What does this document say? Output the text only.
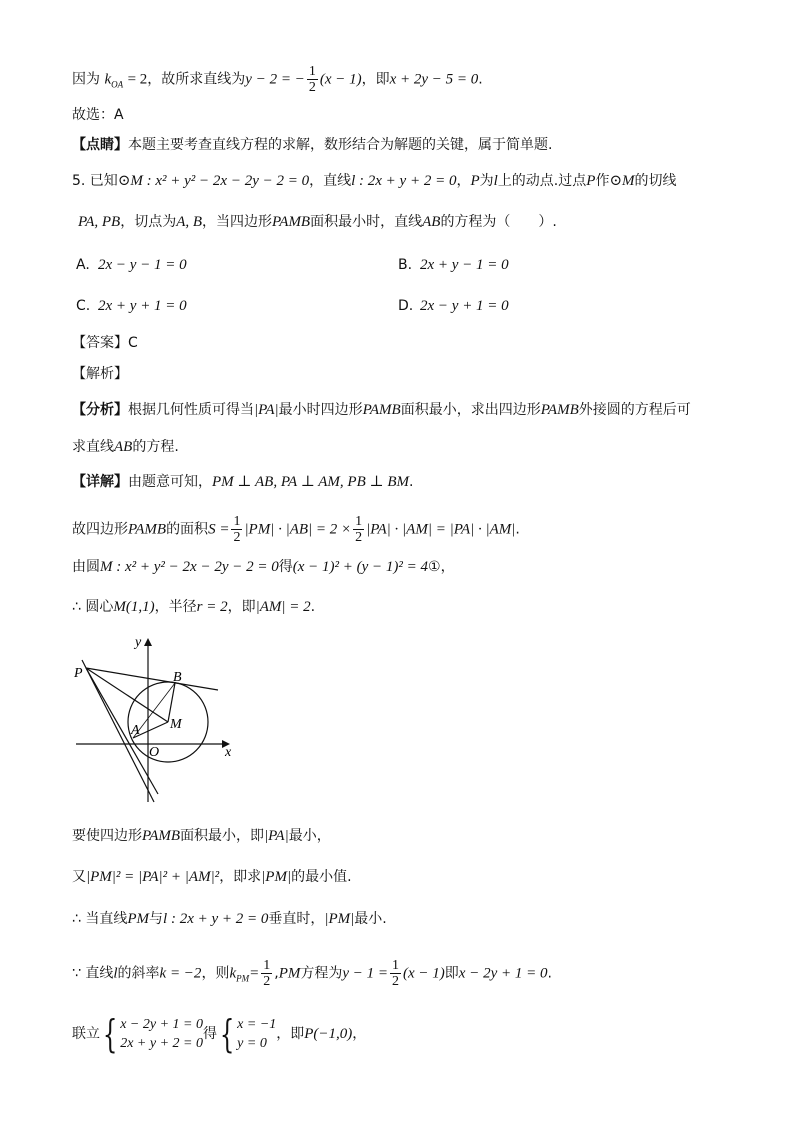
因为 $k_{OA} = 2$，故所求直线为y − 2 = − $\frac{1}{2} (x - 1)$，即x + 2y − 5 = 0.
故选：A
【点睛】本题主要考查直线方程的求解，数形结合为解题的关键，属于简单题.
5. 已知⊙M : x² + y² − 2x − 2y − 2 = 0，直线l : 2x + y + 2 = 0，P为l上的动点.过点P作⊙M的切线
PA, PB，切点为A, B，当四边形PAMB面积最小时，直线AB的方程为（　　）.
A. 2x − y − 1 = 0	B. 2x + y − 1 = 0
C. 2x + y + 1 = 0	D. 2x − y + 1 = 0
【答案】C
【解析】
【分析】根据几何性质可得当|PA|最小时四边形PAMB面积最小，求出四边形PAMB外接圆的方程后可
求直线AB的方程.
【详解】由题意可知，PM ⊥ AB, PA ⊥ AM, PB ⊥ BM.
故四边形PAMB的面积$S = \frac{1}{2} |PM| \cdot |AB| = 2 \times \frac{1}{2} |PA| \cdot |AM| = |PA| \cdot |AM|$.
由圆M : x² + y² − 2x − 2y − 2 = 0得(x − 1)² + (y − 1)² = 4①，
∴ 圆心M(1,1)，半径r = 2，即|AM| = 2.
P	B
M
A
O	x
y
要使四边形PAMB面积最小，即|PA|最小，
又|PM|² = |PA|² + |AM|²，即求|PM|的最小值.
∴ 当直线PM与l : 2x + y + 2 = 0垂直时，|PM|最小.
∵ 直线l的斜率k = −2，则$k_{PM}= \frac{1}{2} ,PM$方程为$y - 1 = \frac{1}{2} (x - 1)$即x − 2y + 1 = 0.
联立{ x − 2y + 1 = 0
2x + y + 2 = 0
得{ x = −1
y = 0
，即P(−1,0)，
